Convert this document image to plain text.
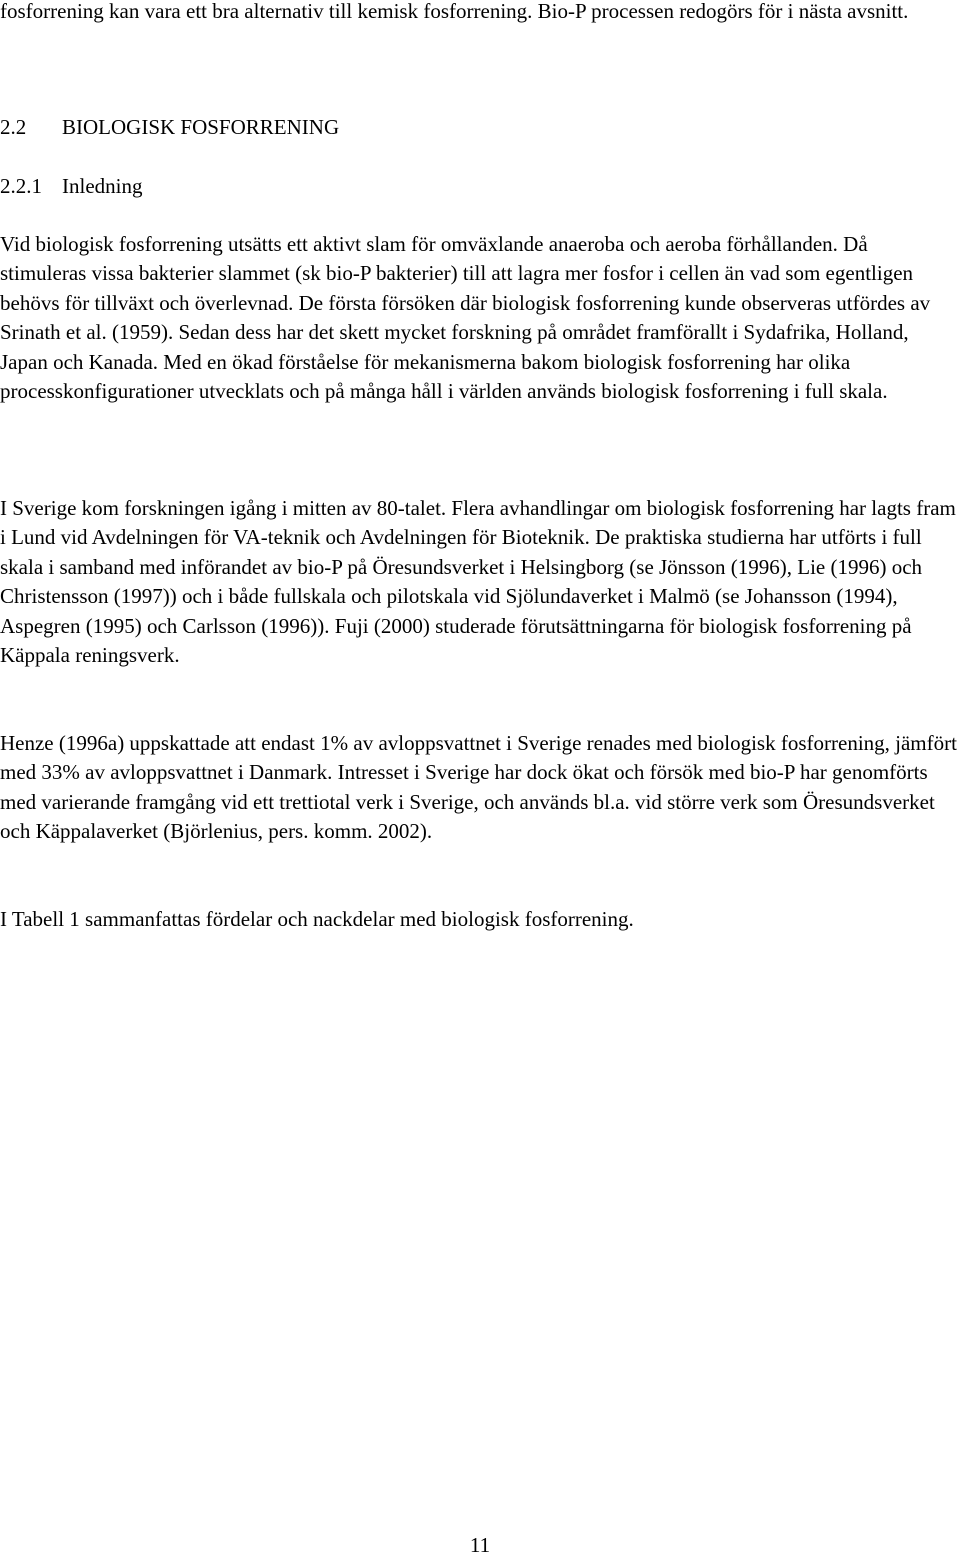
fosforrening kan vara ett bra alternativ till kemisk fosforrening. Bio-P processen redogörs för i nästa avsnitt.

2.2 BIOLOGISK FOSFORRENING
2.2.1 Inledning

Vid biologisk fosforrening utsätts ett aktivt slam för omväxlande anaeroba och aeroba förhållanden. Då stimuleras vissa bakterier slammet (sk bio-P bakterier) till att lagra mer fosfor i cellen än vad som egentligen behövs för tillväxt och överlevnad. De första försöken där biologisk fosforrening kunde observeras utfördes av Srinath et al. (1959). Sedan dess har det skett mycket forskning på området framförallt i Sydafrika, Holland, Japan och Kanada. Med en ökad förståelse för mekanismerna bakom biologisk fosforrening har olika processkonfigurationer utvecklats och på många håll i världen används biologisk fosforrening i full skala.

I Sverige kom forskningen igång i mitten av 80-talet. Flera avhandlingar om biologisk fosforrening har lagts fram i Lund vid Avdelningen för VA-teknik och Avdelningen för Bioteknik. De praktiska studierna har utförts i full skala i samband med införandet av bio-P på Öresundsverket i Helsingborg (se Jönsson (1996), Lie (1996) och Christensson (1997)) och i både fullskala och pilotskala vid Sjölundaverket i Malmö (se Johansson (1994), Aspegren (1995) och Carlsson (1996)). Fuji (2000) studerade förutsättningarna för biologisk fosforrening på Käppala reningsverk.

Henze (1996a) uppskattade att endast 1% av avloppsvattnet i Sverige renades med biologisk fosforrening, jämfört med 33% av avloppsvattnet i Danmark. Intresset i Sverige har dock ökat och försök med bio-P har genomförts med varierande framgång vid ett trettiotal verk i Sverige, och används bl.a. vid större verk som Öresundsverket och Käppalaverket (Björlenius, pers. komm. 2002).

I Tabell 1 sammanfattas fördelar och nackdelar med biologisk fosforrening.

11
